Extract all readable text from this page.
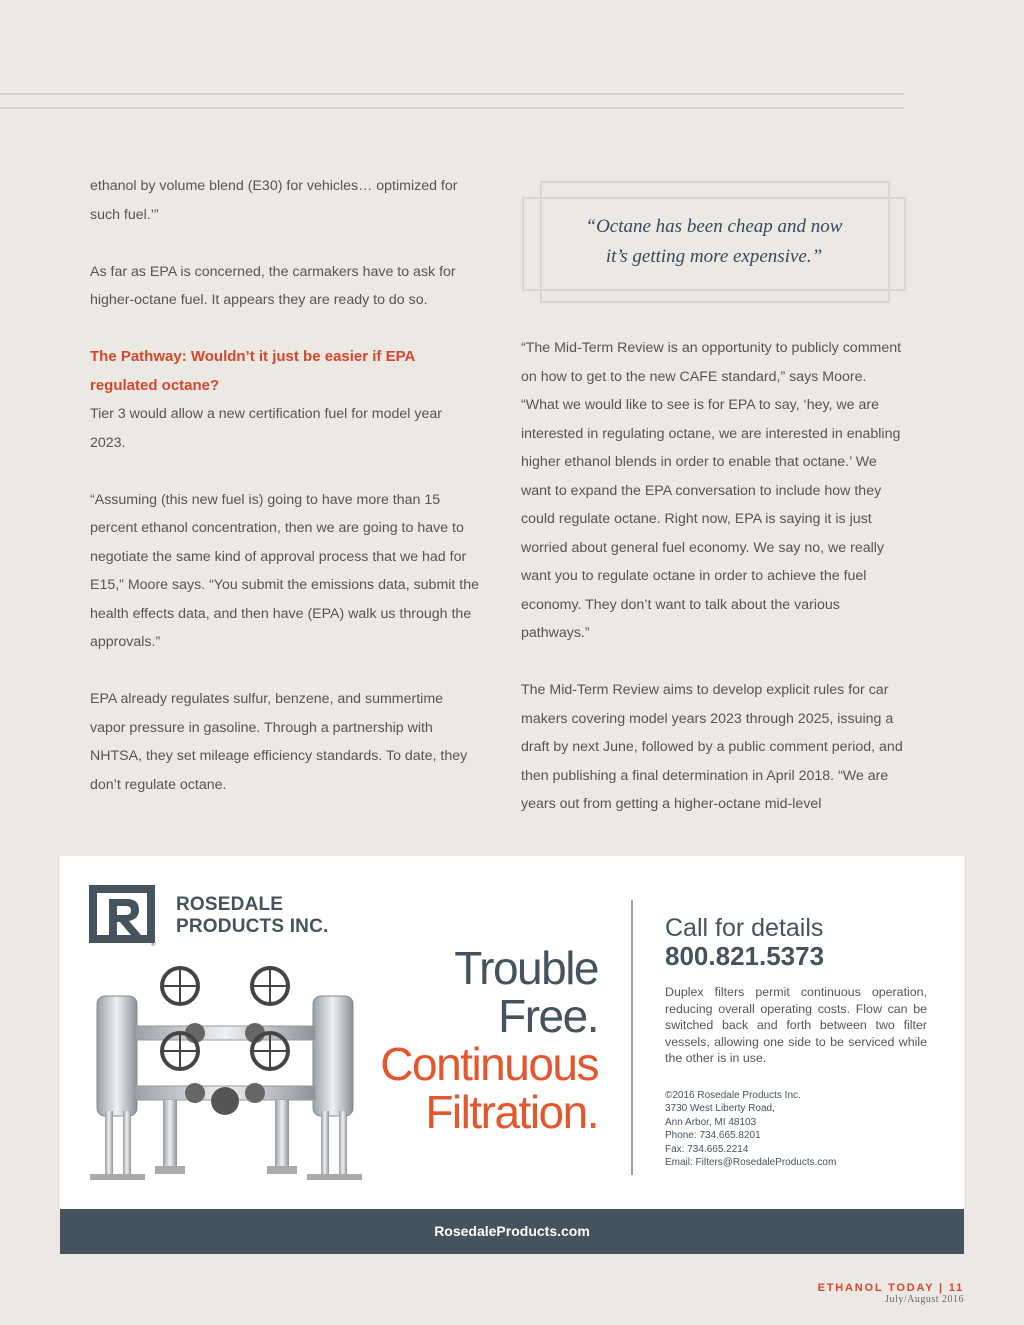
ethanol by volume blend (E30) for vehicles… optimized for such fuel.’”

As far as EPA is concerned, the carmakers have to ask for higher-octane fuel. It appears they are ready to do so.

The Pathway: Wouldn’t it just be easier if EPA regulated octane?

Tier 3 would allow a new certification fuel for model year 2023.

“Assuming (this new fuel is) going to have more than 15 percent ethanol concentration, then we are going to have to negotiate the same kind of approval process that we had for E15,” Moore says. “You submit the emissions data, submit the health effects data, and then have (EPA) walk us through the approvals.”

EPA already regulates sulfur, benzene, and summertime vapor pressure in gasoline. Through a partnership with NHTSA, they set mileage efficiency standards. To date, they don’t regulate octane.

“Octane has been cheap and now
it’s getting more expensive.”

“The Mid-Term Review is an opportunity to publicly comment on how to get to the new CAFE standard,” says Moore. “What we would like to see is for EPA to say, ‘hey, we are interested in regulating octane, we are interested in enabling higher ethanol blends in order to enable that octane.’ We want to expand the EPA conversation to include how they could regulate octane. Right now, EPA is saying it is just worried about general fuel economy. We say no, we really want you to regulate octane in order to achieve the fuel economy. They don’t want to talk about the various pathways.”

The Mid-Term Review aims to develop explicit rules for car makers covering model years 2023 through 2025, issuing a draft by next June, followed by a public comment period, and then publishing a final determination in April 2018. “We are years out from getting a higher-octane mid-level

®
ROSEDALE
PRODUCTS INC.
Trouble
Free.
Continuous
Filtration.
Call for details
800.821.5373
Duplex filters permit continuous operation, reducing overall operating costs. Flow can be switched back and forth between two filter vessels, allowing one side to be serviced while the other is in use.
©2016 Rosedale Products Inc.
3730 West Liberty Road,
Ann Arbor, MI 48103
Phone: 734.665.8201
Fax: 734.665.2214
Email: Filters@RosedaleProducts.com
RosedaleProducts.com
ETHANOL TODAY | 11
July/August 2016
